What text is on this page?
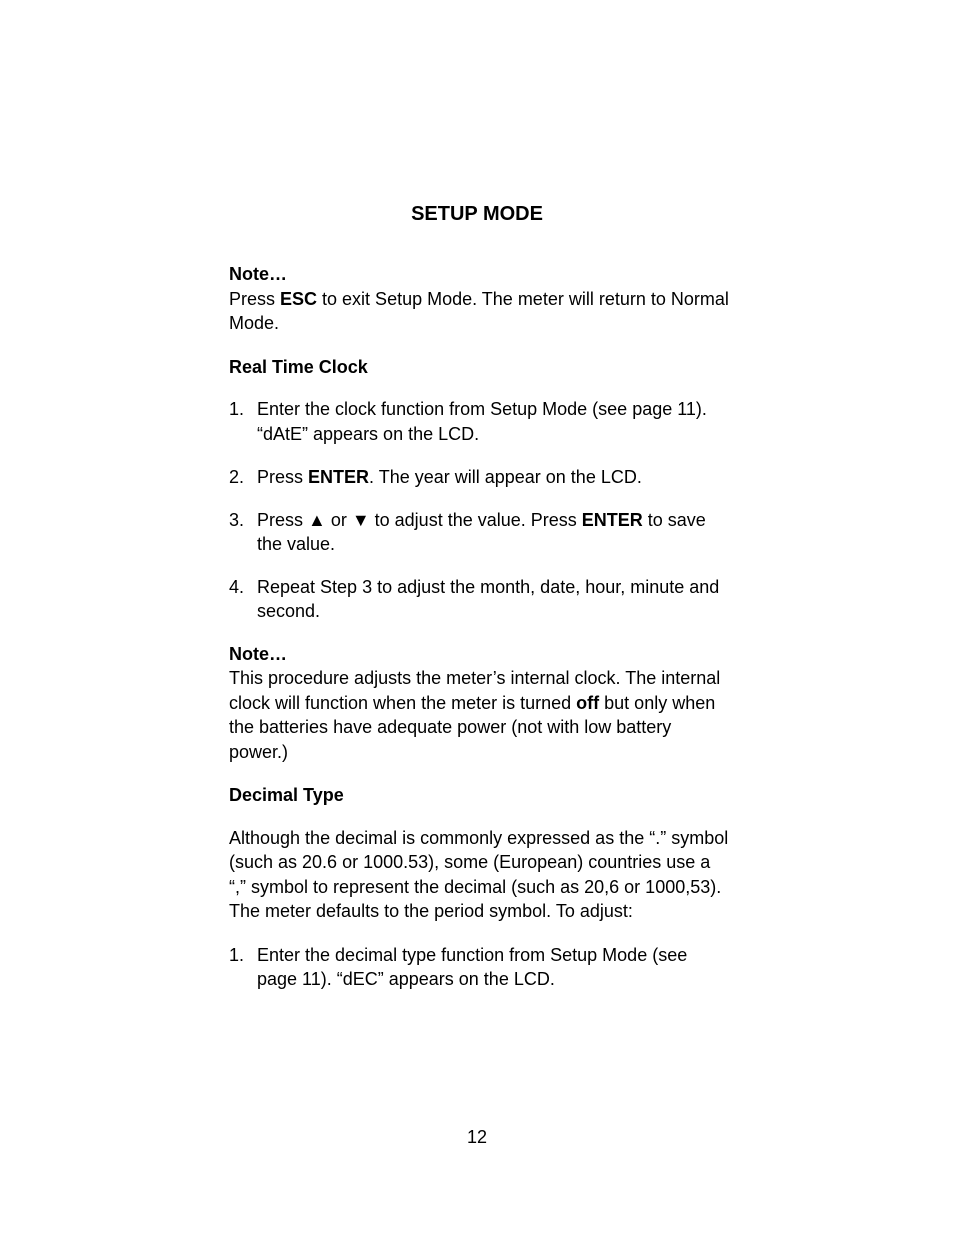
SETUP MODE

Note…

Press ESC to exit Setup Mode. The meter will return to Normal Mode.

Real Time Clock

1. Enter the clock function from Setup Mode (see page 11). “dAtE” appears on the LCD.
2. Press ENTER. The year will appear on the LCD.
3. Press ▲ or ▼ to adjust the value. Press ENTER to save the value.
4. Repeat Step 3 to adjust the month, date, hour, minute and second.

Note…

This procedure adjusts the meter’s internal clock. The internal clock will function when the meter is turned off but only when the batteries have adequate power (not with low battery power.)

Decimal Type

Although the decimal is commonly expressed as the “.” symbol (such as 20.6 or 1000.53), some (European) countries use a “,” symbol to represent the decimal (such as 20,6 or 1000,53). The meter defaults to the period symbol. To adjust:

1. Enter the decimal type function from Setup Mode (see page 11). “dEC” appears on the LCD.

12
